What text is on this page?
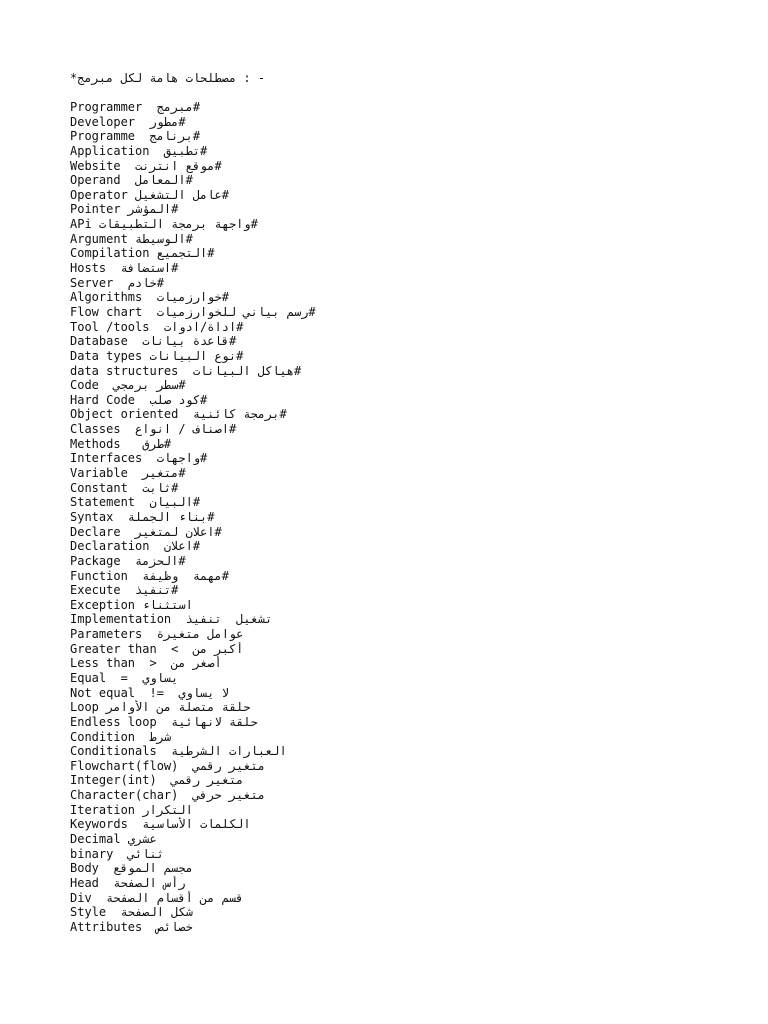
*مصطلحات هامة لكل مبرمج : -
#مبرمج  Programmer
#مطور  Developer
#برنامج  Programme
#تطبيق  Application
#موقع انترنت  Website
#المعامل  Operand
#عامل التشغيل Operator
#المؤشر Pointer
#واجهة برمجة التطبيقات APi
#الوسيطة Argument
#التجميع Compilation
#استضافة  Hosts
#خادم  Server
#خوارزميات  Algorithms
#رسم بياني للخوارزميات  Flow chart
#اداة/ادوات  Tool /tools
#قاعدة بيانات  Database
#نوع البيانات Data types
#هياكل البيانات  data structures
#سطر برمجي  Code
#كود صلب  Hard Code
#برمجة كائنية  Object oriented
#اصناف / انواع  Classes
#طرق   Methods
#واجهات  Interfaces
#متغير  Variable
#ثابت  Constant
#البيان  Statement
#بناء الجملة  Syntax
#اعلان لمتغير  Declare
#اعلان  Declaration
#الحزمة  Package
#مهمة  وظيفة  Function
#تنفيذ  Execute
استثناء Exception
تشغيل  تنفيذ  Implementation
عوامل متغيرة  Parameters
أكبر من  >  Greater than
أصغر من  <  Less than
يساوي  =  Equal
لا يساوي  =!  Not equal
حلقة متصلة من الأوامر Loop
حلقة لانهائية  Endless loop
شرط  Condition
العبارات الشرطية  Conditionals
متغير رقمي  (Flowchart(flow
متغير رقمي  (Integer(int
متغير حرفي  (Character(char
التكرار Iteration
الكلمات الأساسية  Keywords
عشري Decimal
ثنائي  binary
مجسم الموقع  Body
رأس الصفحة  Head
قسم من أقسام الصفحة  Div
شكل الصفحة  Style
خصائص  Attributes
